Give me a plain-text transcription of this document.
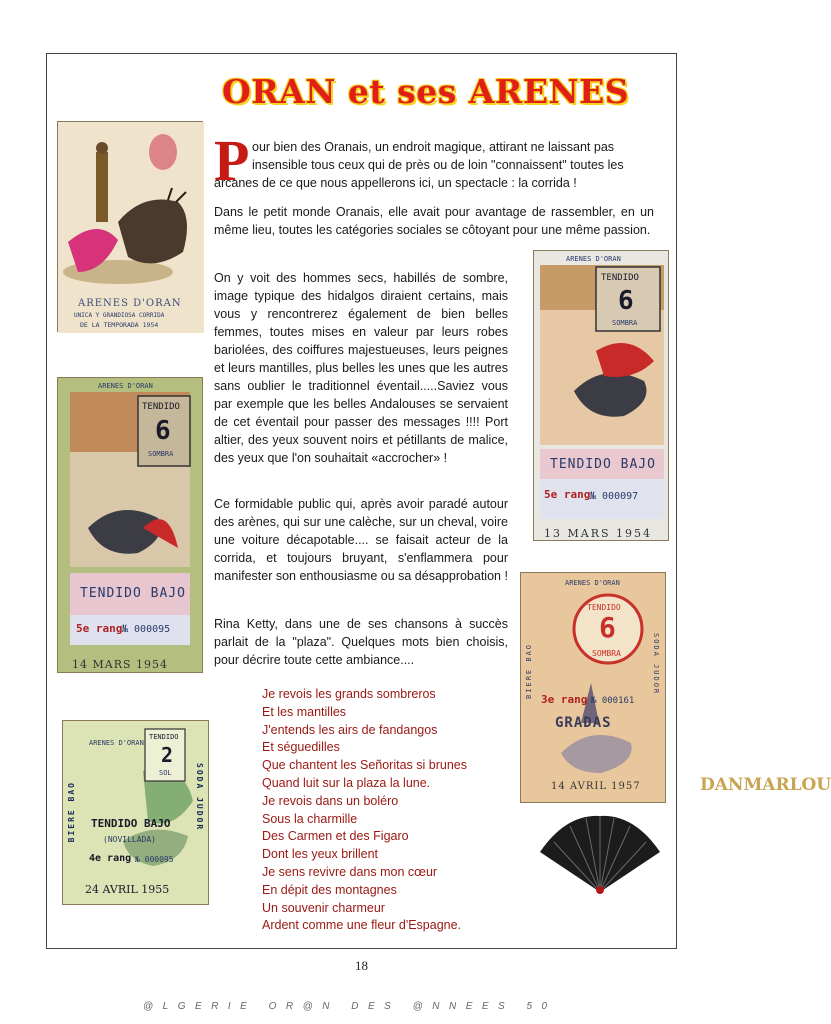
ORAN et ses ARENES
ARENES D'ORAN
UNICA Y GRANDIOSA CORRIDA
DE LA TEMPORADA 1954
ARENES D'ORAN
TENDIDO
6
SOMBRA
TENDIDO BAJO
5e rang № 000095
14 MARS 1954
ARENES D'ORAN
TENDIDO
6
SOMBRA
TENDIDO BAJO
5e rang № 000097
13 MARS 1954
ARENES D'ORAN
TENDIDO
6
SOMBRA
3e rang № 000161
GRADAS
14 AVRIL 1957
BIERE BAO	SODA JUDOR
ARENES D'ORAN
TENDIDO
2
SOL
TENDIDO BAJO
(NOVILLADA)
4e rang № 000095
24 AVRIL 1955
BIERE BAO	SODA JUDOR
P our bien des Oranais, un endroit magique, attirant ne laissant pas insensible tous ceux qui de près ou de loin "connaissent" toutes les

arcanes de ce que nous appellerons ici, un spectacle : la corrida !

Dans le petit monde Oranais, elle avait pour avantage de rassembler, en un même lieu, toutes les catégories sociales se côtoyant pour une même passion.

On y voit des hommes secs, habillés de sombre, image typique des hidalgos diraient certains, mais vous y rencontrerez également de bien belles femmes, toutes mises en valeur par leurs robes bariolées, des coiffures majestueuses, leurs peignes et leurs mantilles, plus belles les unes que les autres sans oublier le traditionnel éventail.....Saviez vous par exemple que les belles Andalouses se servaient de cet éventail pour passer des messages !!!! Port altier, des yeux souvent noirs et pétillants de malice, des yeux que l'on souhaitait «accrocher» !

Ce formidable public qui, après avoir paradé autour des arènes, qui sur une calèche, sur un cheval, voire une voiture décapotable.... se faisait acteur de la corrida, et toujours bruyant, s'enflammera pour manifester son enthousiasme ou sa désapprobation !

Rina Ketty, dans une de ses chansons à succès parlait de la "plaza". Quelques mots bien choisis, pour décrire toute cette ambiance....

Je revois les grands sombreros
Et les mantilles
J'entends les airs de fandangos
Et séguedilles
Que chantent les Señoritas si brunes
Quand luit sur la plaza la lune.
Je revois dans un boléro
Sous la charmille
Des Carmen et des Figaro
Dont les yeux brillent
Je sens revivre dans mon cœur
En dépit des montagnes
Un souvenir charmeur
Ardent comme une fleur d'Espagne.
18
@LGERIE OR@N DES @NNEES 50
DANMARLOU
